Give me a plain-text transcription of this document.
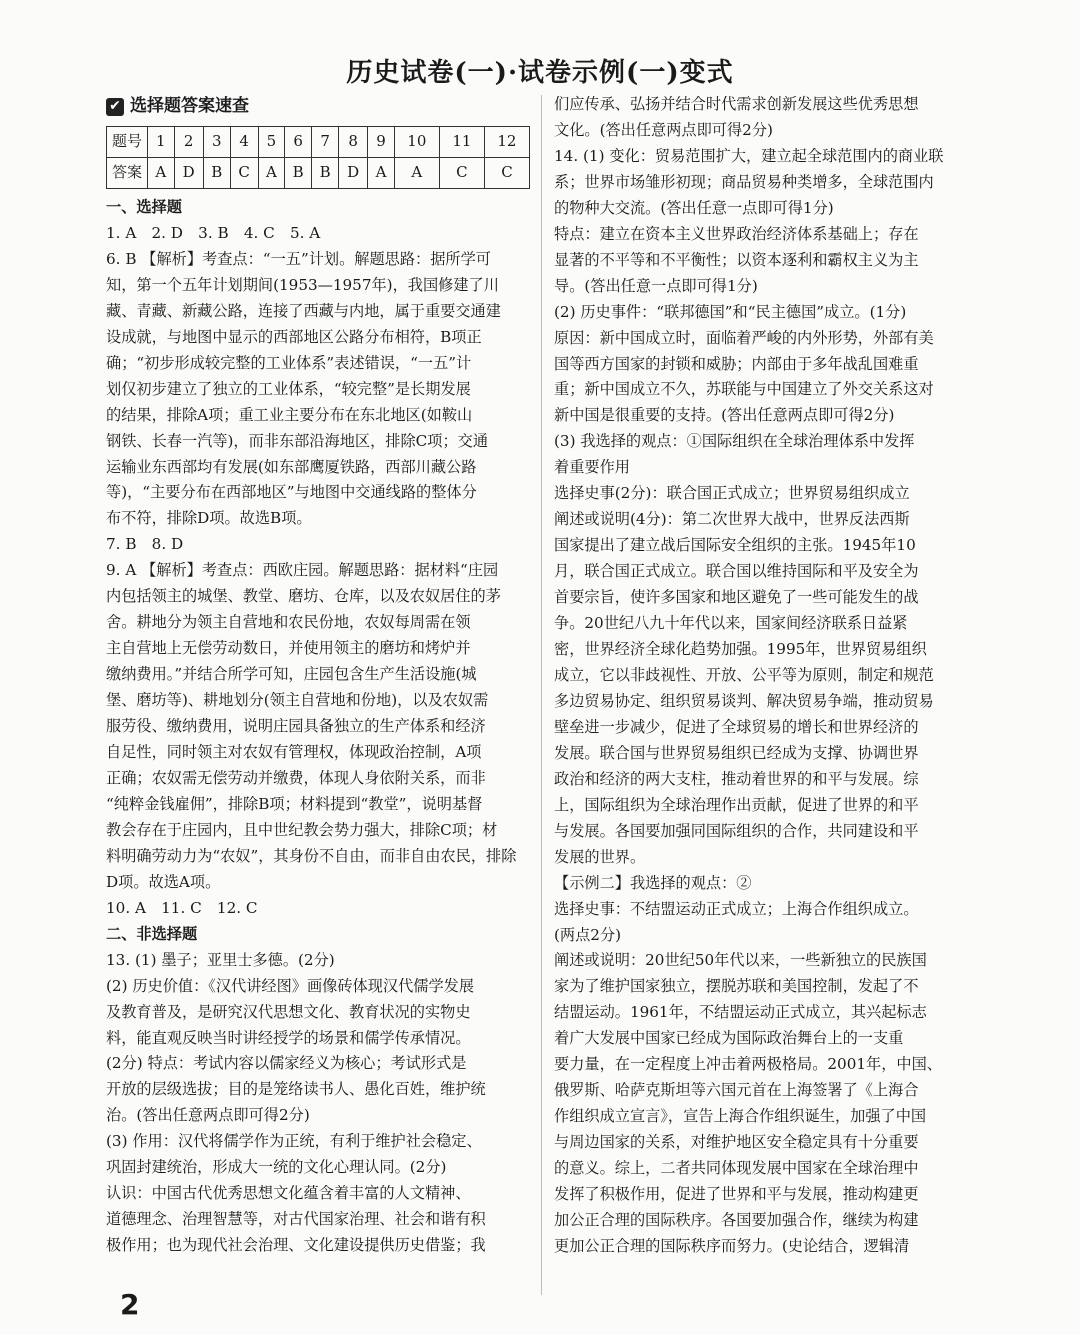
历史试卷(一)·试卷示例(一)变式
✔ 选择题答案速查
题号	1	2	3	4	5	6	7	8	9	10	11	12
答案	A	D	B	C	A	B	B	D	A	A	C	C
一、选择题
1. A　2. D　3. B　4. C　5. A
6. B 【解析】考查点：“一五”计划。解题思路：据所学可
知，第一个五年计划期间(1953—1957年)，我国修建了川
藏、青藏、新藏公路，连接了西藏与内地，属于重要交通建
设成就，与地图中显示的西部地区公路分布相符，B项正
确；“初步形成较完整的工业体系”表述错误，“一五”计
划仅初步建立了独立的工业体系，“较完整”是长期发展
的结果，排除A项；重工业主要分布在东北地区(如鞍山
钢铁、长春一汽等)，而非东部沿海地区，排除C项；交通
运输业东西部均有发展(如东部鹰厦铁路，西部川藏公路
等)，“主要分布在西部地区”与地图中交通线路的整体分
布不符，排除D项。故选B项。
7. B　8. D
9. A 【解析】考查点：西欧庄园。解题思路：据材料“庄园
内包括领主的城堡、教堂、磨坊、仓库，以及农奴居住的茅
舍。耕地分为领主自营地和农民份地，农奴每周需在领
主自营地上无偿劳动数日，并使用领主的磨坊和烤炉并
缴纳费用。”并结合所学可知，庄园包含生产生活设施(城
堡、磨坊等)、耕地划分(领主自营地和份地)，以及农奴需
服劳役、缴纳费用，说明庄园具备独立的生产体系和经济
自足性，同时领主对农奴有管理权，体现政治控制，A项
正确；农奴需无偿劳动并缴费，体现人身依附关系，而非
“纯粹金钱雇佣”，排除B项；材料提到“教堂”，说明基督
教会存在于庄园内，且中世纪教会势力强大，排除C项；材
料明确劳动力为“农奴”，其身份不自由，而非自由农民，排除
D项。故选A项。
10. A　11. C　12. C
二、非选择题
13. (1) 墨子；亚里士多德。(2分)
(2) 历史价值：《汉代讲经图》画像砖体现汉代儒学发展
及教育普及，是研究汉代思想文化、教育状况的实物史
料，能直观反映当时讲经授学的场景和儒学传承情况。
(2分) 特点：考试内容以儒家经义为核心；考试形式是
开放的层级选拔；目的是笼络读书人、愚化百姓，维护统
治。(答出任意两点即可得2分)
(3) 作用：汉代将儒学作为正统，有利于维护社会稳定、
巩固封建统治，形成大一统的文化心理认同。(2分)
认识：中国古代优秀思想文化蕴含着丰富的人文精神、
道德理念、治理智慧等，对古代国家治理、社会和谐有积
极作用；也为现代社会治理、文化建设提供历史借鉴；我
们应传承、弘扬并结合时代需求创新发展这些优秀思想
文化。(答出任意两点即可得2分)
14. (1) 变化：贸易范围扩大，建立起全球范围内的商业联
系；世界市场雏形初现；商品贸易种类增多，全球范围内
的物种大交流。(答出任意一点即可得1分)
特点：建立在资本主义世界政治经济体系基础上；存在
显著的不平等和不平衡性；以资本逐利和霸权主义为主
导。(答出任意一点即可得1分)
(2) 历史事件：“联邦德国”和“民主德国”成立。(1分)
原因：新中国成立时，面临着严峻的内外形势，外部有美
国等西方国家的封锁和威胁；内部由于多年战乱国难重
重；新中国成立不久，苏联能与中国建立了外交关系这对
新中国是很重要的支持。(答出任意两点即可得2分)
(3) 我选择的观点：①国际组织在全球治理体系中发挥
着重要作用
选择史事(2分)：联合国正式成立；世界贸易组织成立
阐述或说明(4分)：第二次世界大战中，世界反法西斯
国家提出了建立战后国际安全组织的主张。1945年10
月，联合国正式成立。联合国以维持国际和平及安全为
首要宗旨，使许多国家和地区避免了一些可能发生的战
争。20世纪八九十年代以来，国家间经济联系日益紧
密，世界经济全球化趋势加强。1995年，世界贸易组织
成立，它以非歧视性、开放、公平等为原则，制定和规范
多边贸易协定、组织贸易谈判、解决贸易争端，推动贸易
壁垒进一步减少，促进了全球贸易的增长和世界经济的
发展。联合国与世界贸易组织已经成为支撑、协调世界
政治和经济的两大支柱，推动着世界的和平与发展。综
上，国际组织为全球治理作出贡献，促进了世界的和平
与发展。各国要加强同国际组织的合作，共同建设和平
发展的世界。
【示例二】我选择的观点：②
选择史事：不结盟运动正式成立；上海合作组织成立。
(两点2分)
阐述或说明：20世纪50年代以来，一些新独立的民族国
家为了维护国家独立，摆脱苏联和美国控制，发起了不
结盟运动。1961年，不结盟运动正式成立，其兴起标志
着广大发展中国家已经成为国际政治舞台上的一支重
要力量，在一定程度上冲击着两极格局。2001年，中国、
俄罗斯、哈萨克斯坦等六国元首在上海签署了《上海合
作组织成立宣言》，宣告上海合作组织诞生，加强了中国
与周边国家的关系，对维护地区安全稳定具有十分重要
的意义。综上，二者共同体现发展中国家在全球治理中
发挥了积极作用，促进了世界和平与发展，推动构建更
加公正合理的国际秩序。各国要加强合作，继续为构建
更加公正合理的国际秩序而努力。(史论结合，逻辑清
2
